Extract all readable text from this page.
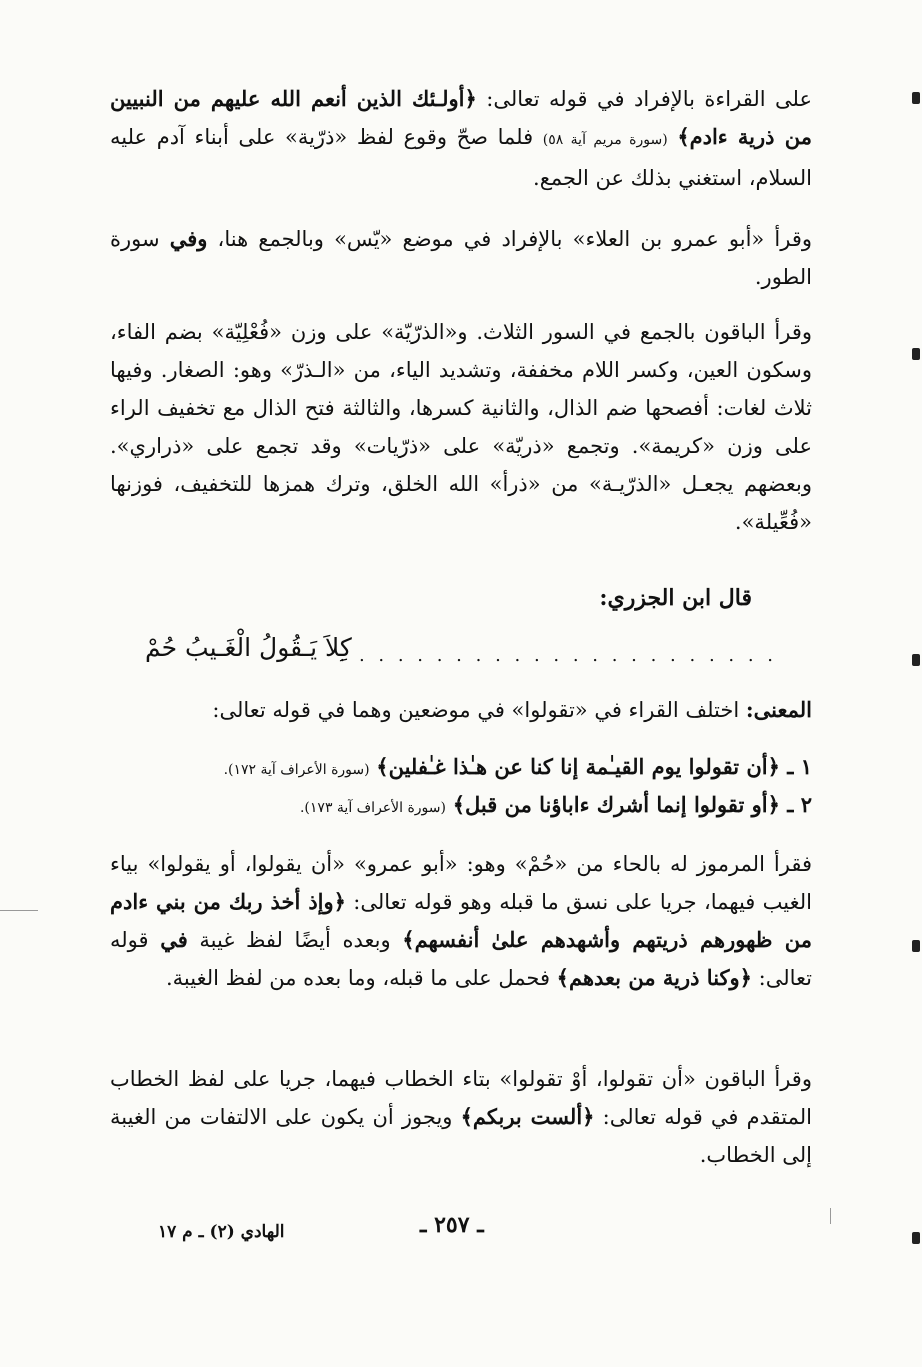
على القراءة بالإفراد في قوله تعالى: ﴿أولـئك الذين أنعم الله عليهم من النبيين من ذرية ءادم﴾ (سورة مريم آية ٥٨) فلما صحّ وقوع لفظ «ذرّية» على أبناء آدم عليه السلام، استغني بذلك عن الجمع.

وقرأ «أبو عمرو بن العلاء» بالإفراد في موضع «يّس» وبالجمع هنا، وفي سورة الطور.

وقرأ الباقون بالجمع في السور الثلاث. و«الذرّيّة» على وزن «فُعْلِيّة» بضم الفاء، وسكون العين، وكسر اللام مخففة، وتشديد الياء، من «الـذرّ» وهو: الصغار. وفيها ثلاث لغات: أفصحها ضم الذال، والثانية كسرها، والثالثة فتح الذال مع تخفيف الراء على وزن «كريمة». وتجمع «ذريّة» على «ذرّيات» وقد تجمع على «ذراري». وبعضهم يجعـل «الذرّيـة» من «ذرأ» الله الخلق، وترك همزها للتخفيف، فوزنها «فُعِّيلة».

قال ابن الجزري:
. . . . . . . . . . . . . . . . . . . . . . .
كِلاَ يَـقُولُ الْغَـيبُ حُمْ
المعنى: اختلف القراء في «تقولوا» في موضعين وهما في قوله تعالى:
١ ـ ﴿أن تقولوا يوم القيـٰمة إنا كنا عن هـٰذا غـٰفلين﴾ (سورة الأعراف آية ١٧٢).
٢ ـ ﴿أو تقولوا إنما أشرك ءاباؤنا من قبل﴾ (سورة الأعراف آية ١٧٣).

فقرأ المرموز له بالحاء من «حُمْ» وهو: «أبو عمرو» «أن يقولوا، أو يقولوا» بياء الغيب فيهما، جريا على نسق ما قبله وهو قوله تعالى: ﴿وإذ أخذ ربك من بني ءادم من ظهورهم ذريتهم وأشهدهم علىٰ أنفسهم﴾ وبعده أيضًا لفظ غيبة في قوله تعالى: ﴿وكنا ذرية من بعدهم﴾ فحمل على ما قبله، وما بعده من لفظ الغيبة.

وقرأ الباقون «أن تقولوا، أوْ تقولوا» بتاء الخطاب فيهما، جريا على لفظ الخطاب المتقدم في قوله تعالى: ﴿ألست بربكم﴾ ويجوز أن يكون على الالتفات من الغيبة إلى الخطاب.

ـ ٢٥٧ ـ
الهادي (٢) ـ م ١٧
